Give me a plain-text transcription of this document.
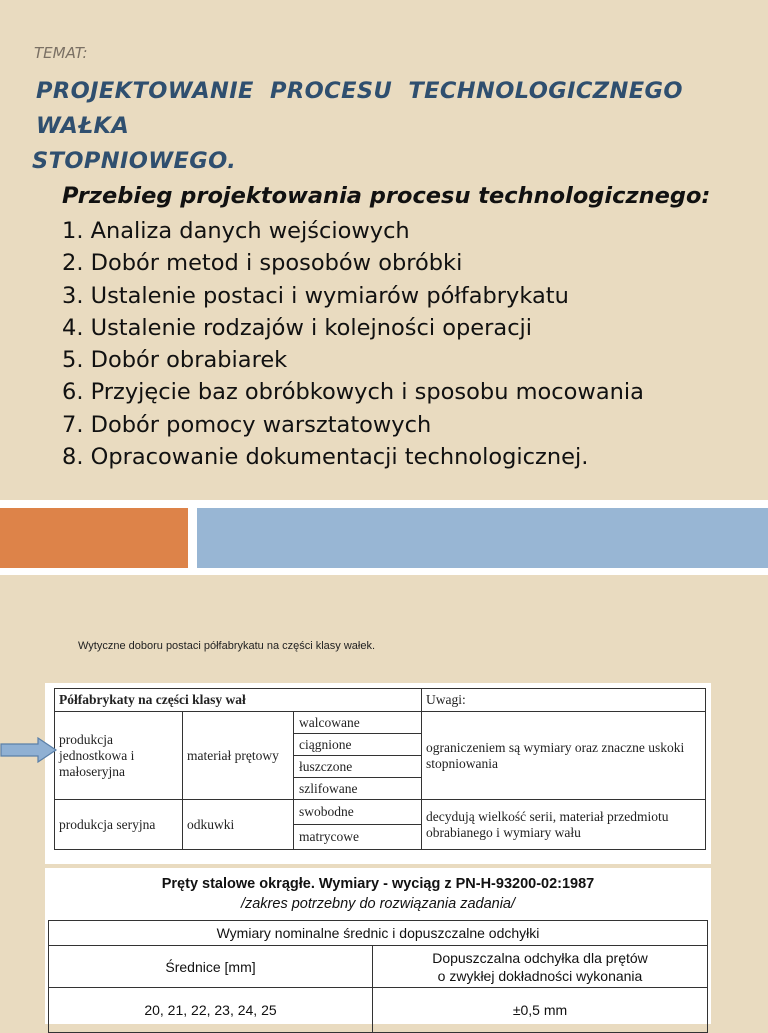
TEMAT:
PROJEKTOWANIE PROCESU TECHNOLOGICZNEGO WAŁKA
STOPNIOWEGO.
Przebieg projektowania procesu technologicznego:
1. Analiza danych wejściowych
2. Dobór metod i sposobów obróbki
3. Ustalenie postaci i wymiarów półfabrykatu
4. Ustalenie rodzajów i kolejności operacji
5. Dobór obrabiarek
6. Przyjęcie baz obróbkowych i sposobu mocowania
7. Dobór pomocy warsztatowych
8. Opracowanie dokumentacji technologicznej.
Wytyczne doboru postaci półfabrykatu na części klasy wałek.
Półfabrykaty na części klasy wał			Uwagi:
produkcja jednostkowa i małoseryjna	materiał prętowy	walcowane	ograniczeniem są wymiary oraz znaczne uskoki stopniowania
		ciągnione	
		łuszczone	
		szlifowane	
produkcja seryjna	odkuwki	swobodne	decydują wielkość serii, materiał przedmiotu obrabianego i wymiary wału
		matrycowe	
Pręty stalowe okrągłe. Wymiary - wyciąg z PN-H-93200-02:1987
/zakres potrzebny do rozwiązania zadania/
Wymiary nominalne średnic i dopuszczalne odchyłki	
Średnice [mm]	Dopuszczalna odchyłka dla prętów
o zwykłej dokładności wykonania
20, 21, 22, 23, 24, 25	±0,5 mm
